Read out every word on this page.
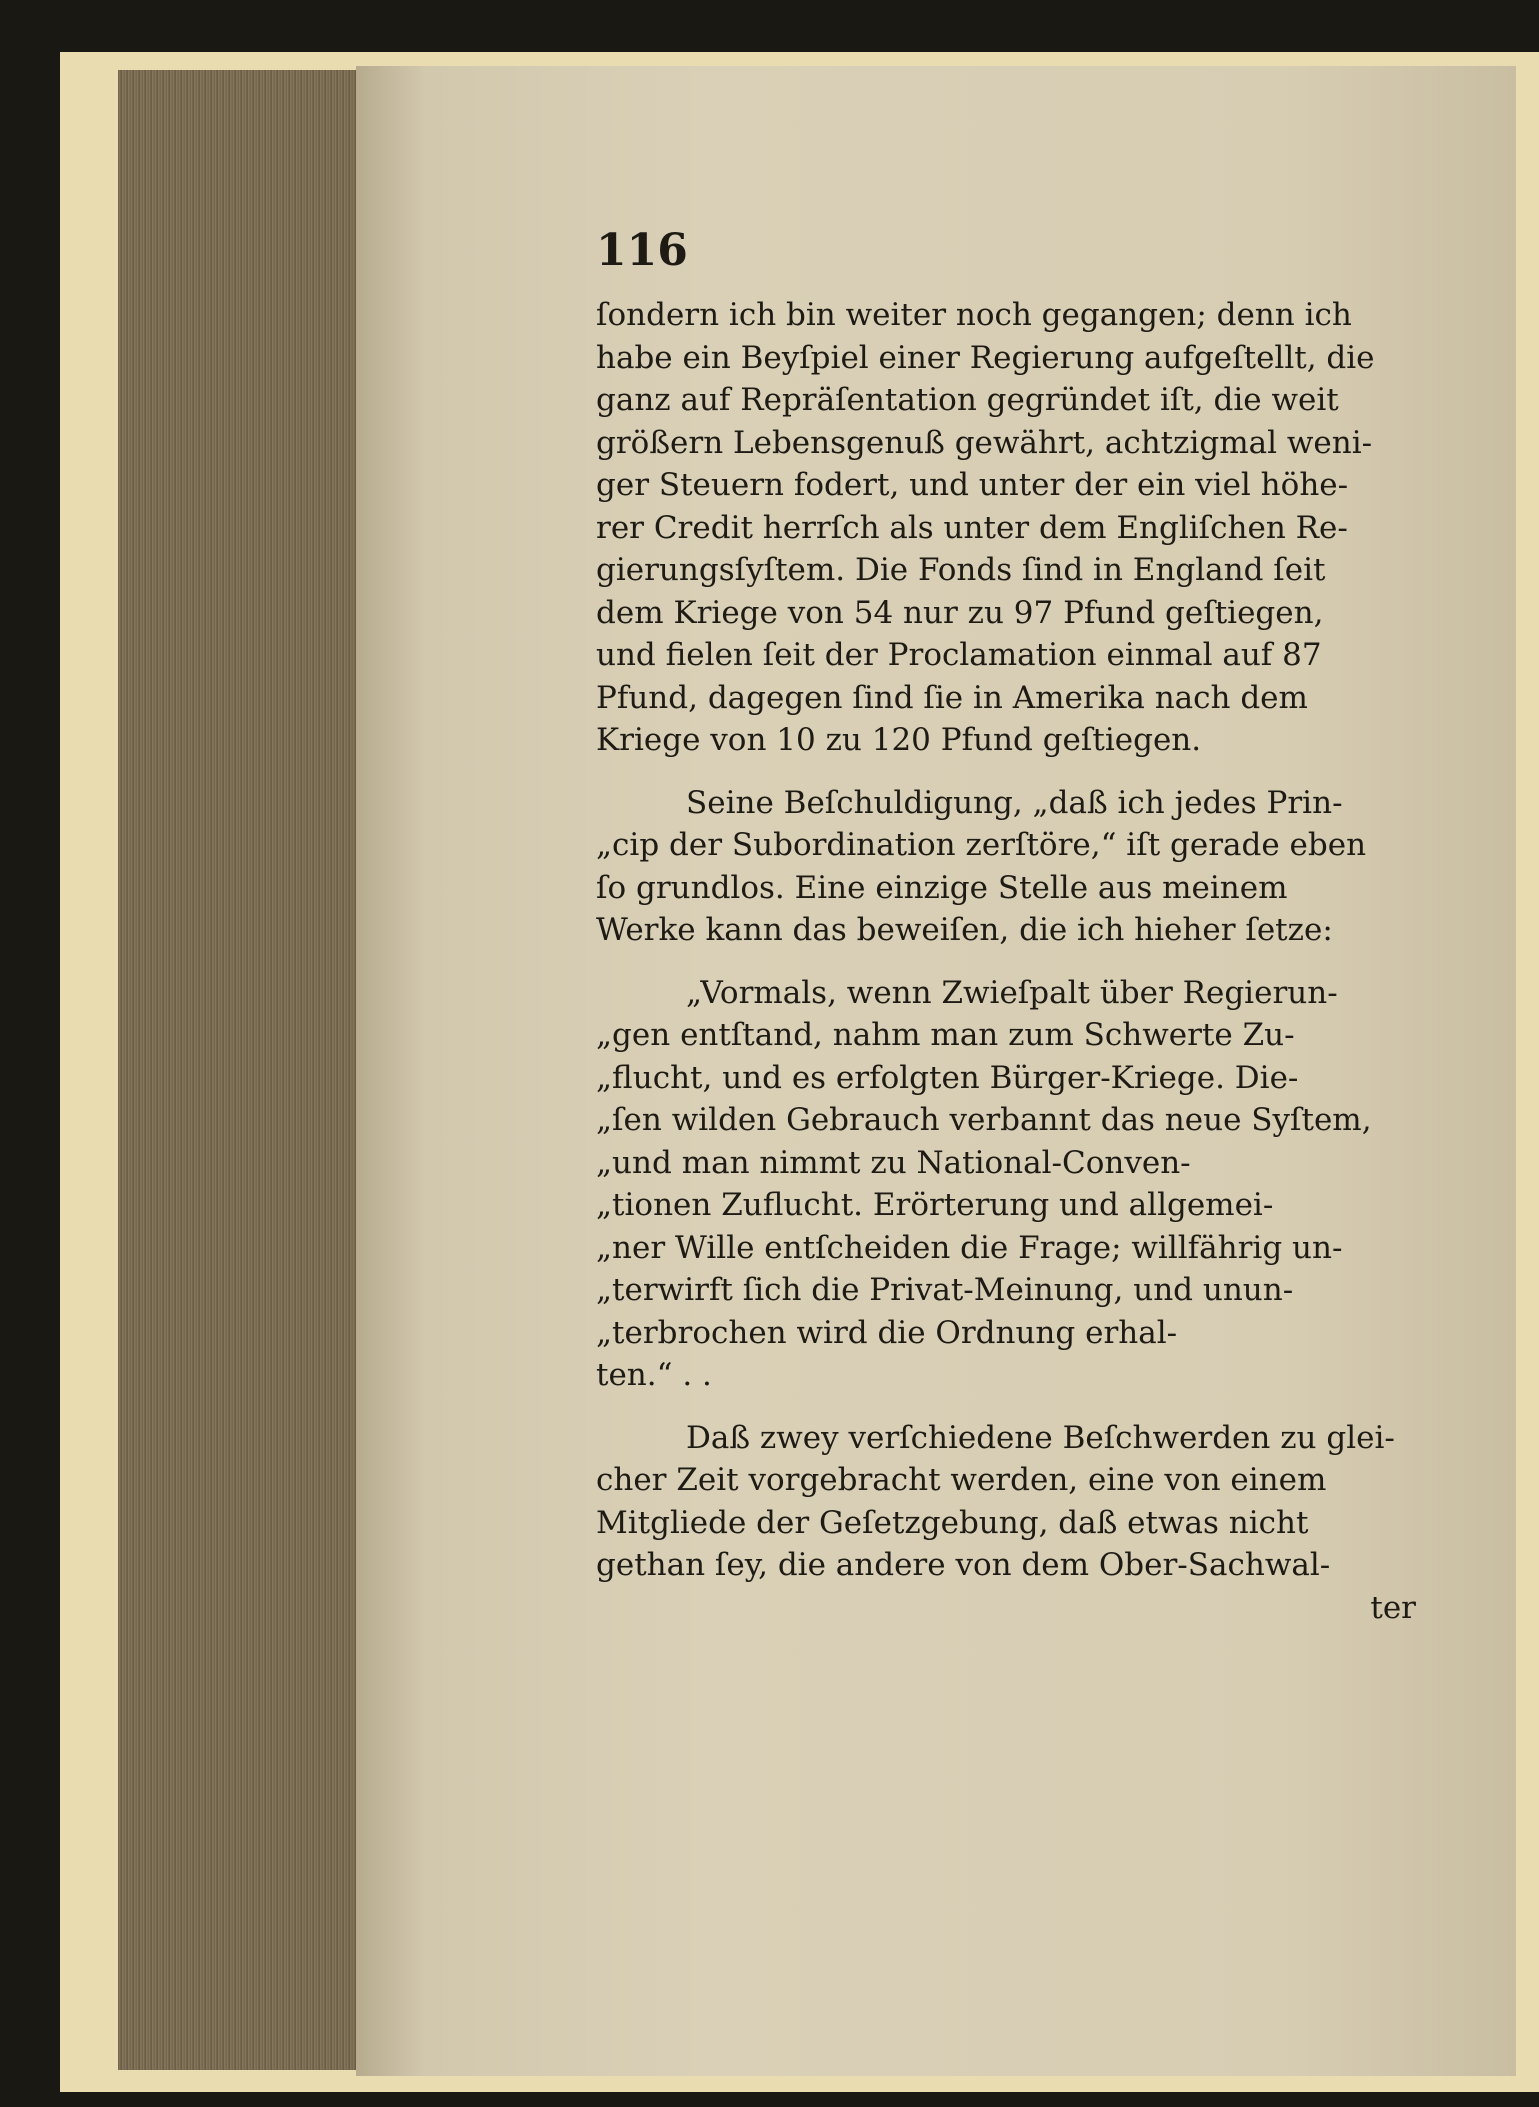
116
ſondern ich bin weiter noch gegangen; denn ich
habe ein Beyſpiel einer Regierung aufgeſtellt, die
ganz auf Repräſentation gegründet iſt, die weit
größern Lebensgenuß gewährt, achtzigmal weni-
ger Steuern fodert, und unter der ein viel höhe-
rer Credit herrſch als unter dem Engliſchen Re-
gierungsſyſtem. Die Fonds ſind in England ſeit
dem Kriege von 54 nur zu 97 Pfund geſtiegen,
und fielen ſeit der Proclamation einmal auf 87
Pfund, dagegen ſind ſie in Amerika nach dem
Kriege von 10 zu 120 Pfund geſtiegen.
Seine Beſchuldigung, „daß ich jedes Prin-
„cip der Subordination zerſtöre,“ iſt gerade eben
ſo grundlos. Eine einzige Stelle aus meinem
Werke kann das beweiſen, die ich hieher ſetze:
„Vormals, wenn Zwieſpalt über Regierun-
„gen entſtand, nahm man zum Schwerte Zu-
„flucht, und es erfolgten Bürger-Kriege. Die-
„ſen wilden Gebrauch verbannt das neue Syſtem,
„und man nimmt zu National-Conven-
„tionen Zuflucht. Erörterung und allgemei-
„ner Wille entſcheiden die Frage; willfährig un-
„terwirft ſich die Privat-Meinung, und unun-
„terbrochen wird die Ordnung erhal-
ten.“ . .
Daß zwey verſchiedene Beſchwerden zu glei-
cher Zeit vorgebracht werden, eine von einem
Mitgliede der Geſetzgebung, daß etwas nicht
gethan ſey, die andere von dem Ober-Sachwal-
ter
